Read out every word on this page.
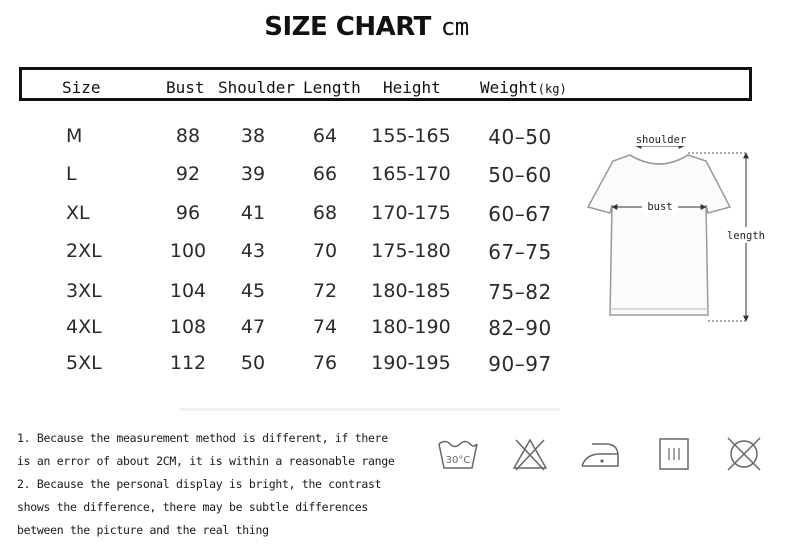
SIZE CHART cm
Size	Bust Shoulder Length Height Weight(kg)
M	88	38	64	155-165	40–50
L	92	39	66	165-170	50–60
XL	96	41	68	170-175	60–67
2XL	100	43	70	175-180	67–75
3XL	104	45	72	180-185	75–82
4XL	108	47	74	180-190	82–90
5XL	112	50	76	190-195	90–97
shoulder
bust
length
1. Because the measurement method is different, if there
is an error of about 2CM, it is within a reasonable range
2. Because the personal display is bright, the contrast
shows the difference, there may be subtle differences
between the picture and the real thing
30°C
